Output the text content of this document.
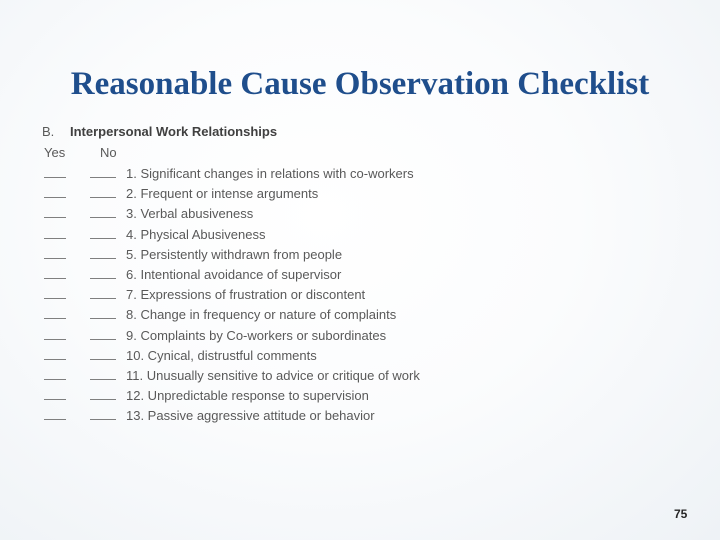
Reasonable Cause Observation Checklist
B. Interpersonal Work Relationships
Yes	No
1. Significant changes in relations with co-workers
2. Frequent or intense arguments
3. Verbal abusiveness
4. Physical Abusiveness
5. Persistently withdrawn from people
6. Intentional avoidance of supervisor
7. Expressions of frustration or discontent
8. Change in frequency or nature of complaints
9. Complaints by Co-workers or subordinates
10. Cynical, distrustful comments
11. Unusually sensitive to advice or critique of work
12. Unpredictable response to supervision
13. Passive aggressive attitude or behavior
75
